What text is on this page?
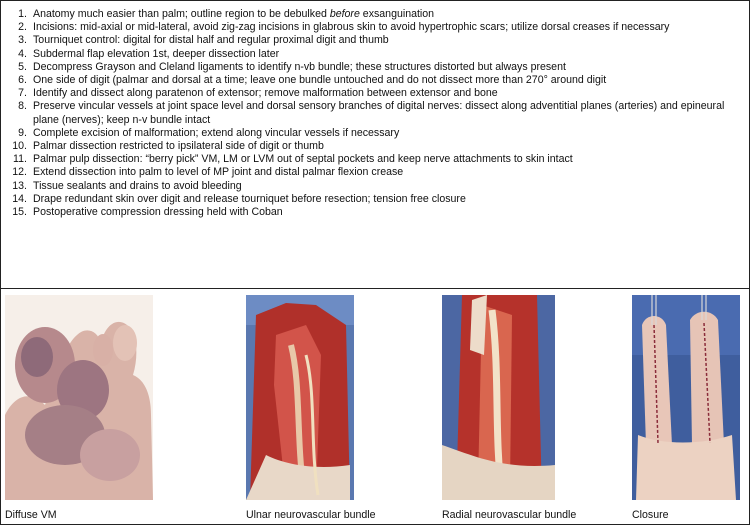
1. Anatomy much easier than palm; outline region to be debulked before exsanguination
2. Incisions: mid-axial or mid-lateral, avoid zig-zag incisions in glabrous skin to avoid hypertrophic scars; utilize dorsal creases if necessary
3. Tourniquet control: digital for distal half and regular proximal digit and thumb
4. Subdermal flap elevation 1st, deeper dissection later
5. Decompress Grayson and Cleland ligaments to identify n-vb bundle; these structures distorted but always present
6. One side of digit (palmar and dorsal at a time; leave one bundle untouched and do not dissect more than 270° around digit
7. Identify and dissect along paratenon of extensor; remove malformation between extensor and bone
8. Preserve vincular vessels at joint space level and dorsal sensory branches of digital nerves: dissect along adventitial planes (arteries) and epineural plane (nerves); keep n-v bundle intact
9. Complete excision of malformation; extend along vincular vessels if necessary
10. Palmar dissection restricted to ipsilateral side of digit or thumb
11. Palmar pulp dissection: “berry pick” VM, LM or LVM out of septal pockets and keep nerve attachments to skin intact
12. Extend dissection into palm to level of MP joint and distal palmar flexion crease
13. Tissue sealants and drains to avoid bleeding
14. Drape redundant skin over digit and release tourniquet before resection; tension free closure
15. Postoperative compression dressing held with Coban
Diffuse VM	Ulnar neurovascular bundle	Radial neurovascular bundle	Closure
